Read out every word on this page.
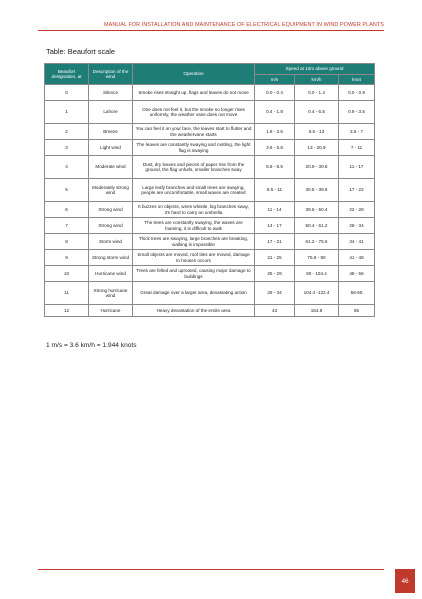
MANUAL FOR INSTALLATION AND MAINTENANCE OF ELECTRICAL EQUIPMENT IN WIND POWER PLANTS
Table: Beaufort scale
Beaufort designation, at	Description of the wind	Operation	Speed at 10m above ground		
			m/s	km/h	knot
0	Silence	Smoke rises straight up, flags and leaves do not move	0.0 - 0.4	0.0 - 1.4	0.0 - 0.9
1	Lahore	One does not feel it, but the smoke no longer rises uniformly, the weather vane does not move	0.4 - 1.8	0.4 - 6.5	0.9 - 3.5
2	Breeze	You can feel it on your face, the leaves start to flutter and the weathervane starts	1.8 - 3.6	6.5 - 13	3.5 - 7
3	Light wind	The leaves are constantly swaying and rustling, the light flag is swaying	3.6 - 5.8	13 - 20.9	7 - 11
4	Moderate wind	Dust, dry leaves and pieces of paper rise from the ground, the flag unfurls, smaller branches sway	5.8 - 8.5	20.9 - 30.6	11 - 17
5	Moderately strong wind	Large leafy branches and small trees are swaying, people are uncomfortable, small waves are created	8.5 - 11	30.6 - 39.6	17 - 22
6	Strong wind	It buzzes on objects, wires whistle, big branches sway, it's hard to carry an umbrella	11 - 14	39.6 - 50.4	22 - 28
7	Strong wind	The trees are constantly swaying, the waves are foaming, it is difficult to walk	14 - 17	50.4 - 61.2	28 - 34
8	Storm wind	Thick trees are swaying, large branches are breaking, walking is impossible	17 - 21	61.2 - 75.6	34 - 41
9	Strong storm wind	Small objects are moved, roof tiles are moved, damage to houses occurs	21 - 25	75.6 - 90	41 - 48
10	Hurricane wind	Trees are felled and uprooted, causing major damage to buildings	25 - 29	90 - 104.4	48 - 56
11	Strong hurricane wind	Great damage over a larger area, devastating action	29 - 34	104.4 -122.4	56-65
12	Hurricane	Heavy devastation of the entire area	43	154.8	65
1 m/s = 3.6 km/h = 1.944 knots
46
